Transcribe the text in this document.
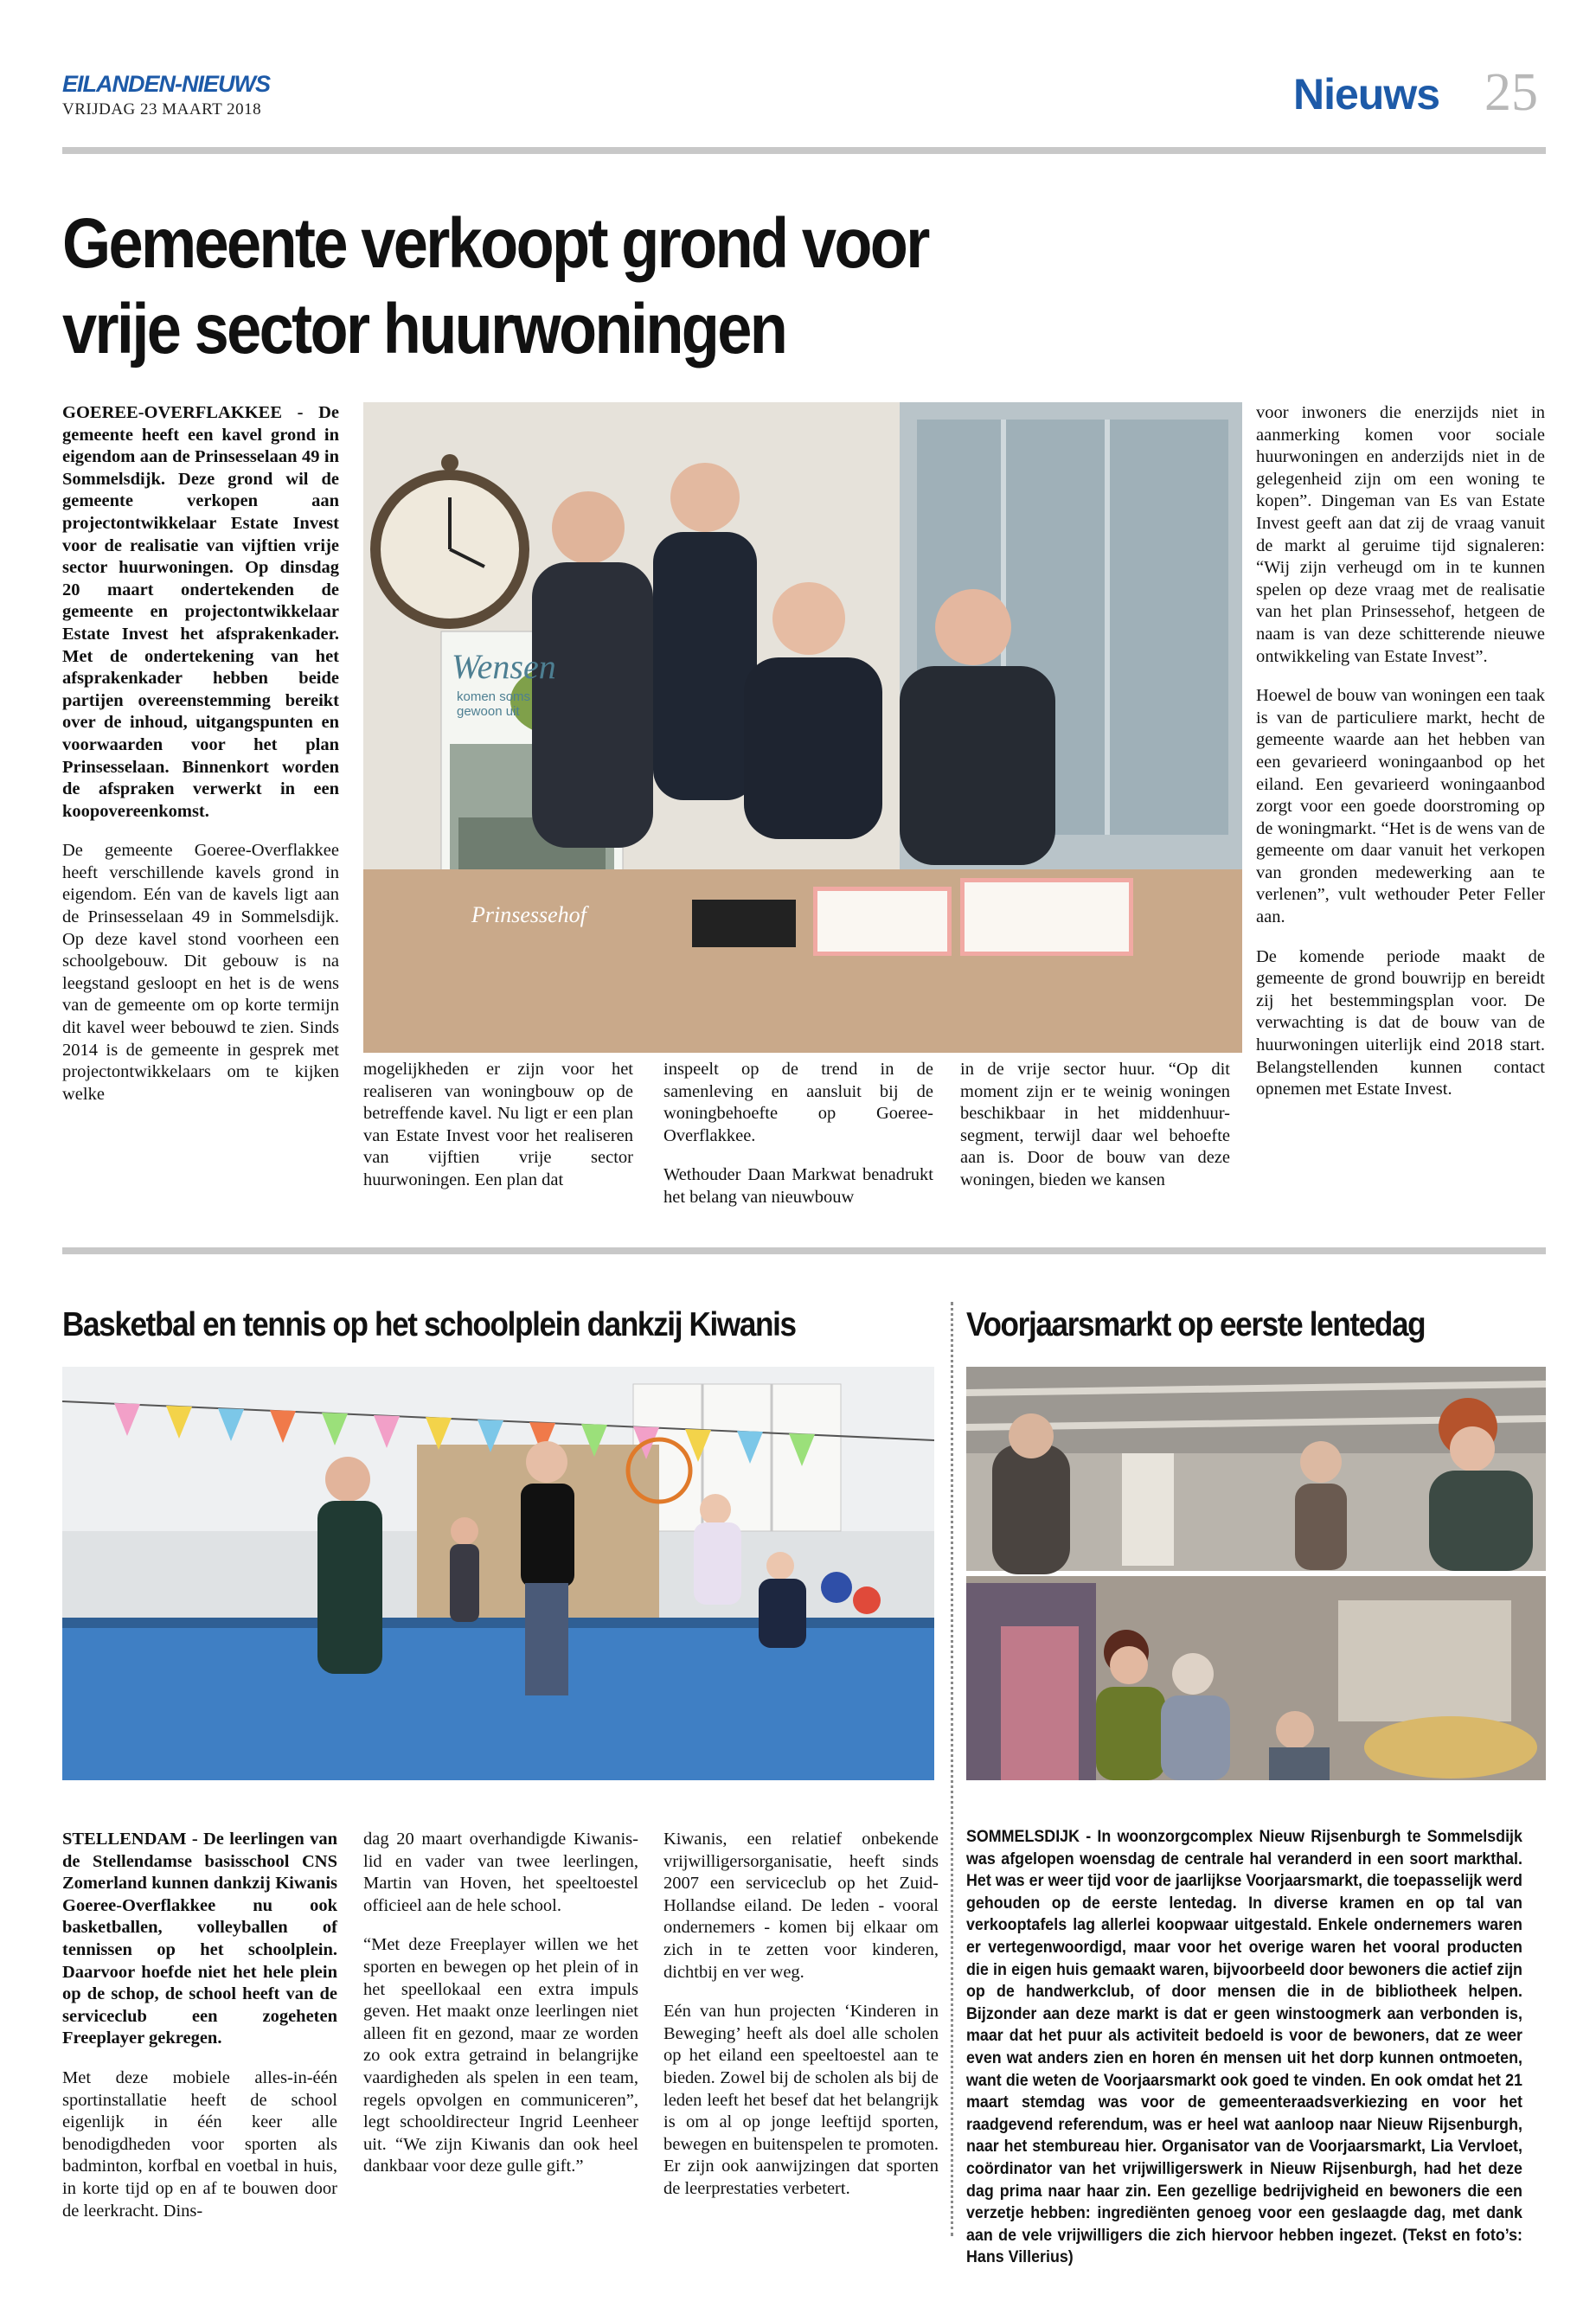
EILANDEN-NIEUWS
VRIJDAG 23 MAART 2018	Nieuws 25
Gemeente verkoopt grond voor
vrije sector huurwoningen

GOEREE-OVERFLAKKEE - De gemeente heeft een kavel grond in eigendom aan de Prinsesselaan 49 in Sommelsdijk. Deze grond wil de gemeente verkopen aan projectontwikkelaar Estate Invest voor de realisatie van vijftien vrije sector huurwoningen. Op dinsdag 20 maart ondertekenden de gemeente en projectontwikkelaar Estate Invest het afsprakenkader. Met de ondertekening van het afsprakenkader hebben beide partijen overeenstemming bereikt over de inhoud, uitgangspunten en voorwaarden voor het plan Prinsesselaan. Binnenkort worden de afspraken verwerkt in een koopovereenkomst.

De gemeente Goeree-Overflakkee heeft verschillende kavels grond in eigendom. Eén van de kavels ligt aan de Prinsesselaan 49 in Sommelsdijk. Op deze kavel stond voorheen een schoolgebouw. Dit gebouw is na leegstand gesloopt en het is de wens van de gemeente om op korte termijn dit kavel weer bebouwd te zien. Sinds 2014 is de gemeente in gesprek met projectontwikkelaars om te kijken welke

Wensen
komen soms gewoon uit
Prinsessehof
mogelijkheden er zijn voor het realiseren van woningbouw op de betreffende kavel. Nu ligt er een plan van Estate Invest voor het realiseren van vijftien vrije sector huurwoningen. Een plan dat

inspeelt op de trend in de samenleving en aansluit bij de woningbehoefte op Goeree-Overflakkee.

Wethouder Daan Markwat benadrukt het belang van nieuwbouw

in de vrije sector huur. “Op dit moment zijn er te weinig woningen beschikbaar in het middenhuur-segment, terwijl daar wel behoefte aan is. Door de bouw van deze woningen, bieden we kansen

voor inwoners die enerzijds niet in aanmerking komen voor sociale huurwoningen en anderzijds niet in de gelegenheid zijn om een woning te kopen”. Dingeman van Es van Estate Invest geeft aan dat zij de vraag vanuit de markt al geruime tijd signaleren: “Wij zijn verheugd om in te kunnen spelen op deze vraag met de realisatie van het plan Prinsessehof, hetgeen de naam is van deze schitterende nieuwe ontwikkeling van Estate Invest”.

Hoewel de bouw van woningen een taak is van de particuliere markt, hecht de gemeente waarde aan het hebben van een gevarieerd woningaanbod op het eiland. Een gevarieerd woningaanbod zorgt voor een goede doorstroming op de woningmarkt. “Het is de wens van de gemeente om daar vanuit het verkopen van gronden medewerking aan te verlenen”, vult wethouder Peter Feller aan.

De komende periode maakt de gemeente de grond bouwrijp en bereidt zij het bestemmingsplan voor. De verwachting is dat de bouw van de huurwoningen uiterlijk eind 2018 start. Belangstellenden kunnen contact opnemen met Estate Invest.

Basketbal en tennis op het schoolplein dankzij Kiwanis

STELLENDAM - De leerlingen van de Stellendamse basisschool CNS Zomerland kunnen dankzij Kiwanis Goeree-Overflakkee nu ook basketballen, volleyballen of tennissen op het schoolplein. Daarvoor hoefde niet het hele plein op de schop, de school heeft van de serviceclub een zogeheten Freeplayer gekregen.

Met deze mobiele alles-in-één sportinstallatie heeft de school eigenlijk in één keer alle benodigdheden voor sporten als badminton, korfbal en voetbal in huis, in korte tijd op en af te bouwen door de leerkracht. Dins-

dag 20 maart overhandigde Kiwanis-lid en vader van twee leerlingen, Martin van Hoven, het speeltoestel officieel aan de hele school.

“Met deze Freeplayer willen we het sporten en bewegen op het plein of in het speellokaal een extra impuls geven. Het maakt onze leerlingen niet alleen fit en gezond, maar ze worden zo ook extra getraind in belangrijke vaardigheden als spelen in een team, regels opvolgen en communiceren”, legt schooldirecteur Ingrid Leenheer uit. “We zijn Kiwanis dan ook heel dankbaar voor deze gulle gift.”

Kiwanis, een relatief onbekende vrijwilligersorganisatie, heeft sinds 2007 een serviceclub op het Zuid-Hollandse eiland. De leden - vooral ondernemers - komen bij elkaar om zich in te zetten voor kinderen, dichtbij en ver weg.

Eén van hun projecten ‘Kinderen in Beweging’ heeft als doel alle scholen op het eiland een speeltoestel aan te bieden. Zowel bij de scholen als bij de leden leeft het besef dat het belangrijk is om al op jonge leeftijd sporten, bewegen en buitenspelen te promoten. Er zijn ook aanwijzingen dat sporten de leerprestaties verbetert.

Voorjaarsmarkt op eerste lentedag
SOMMELSDIJK - In woonzorgcomplex Nieuw Rijsenburgh te Sommelsdijk was afgelopen woensdag de centrale hal veranderd in een soort markthal. Het was er weer tijd voor de jaarlijkse Voorjaarsmarkt, die toepasselijk werd gehouden op de eerste lentedag. In diverse kramen en op tal van verkooptafels lag allerlei koopwaar uitgestald. Enkele ondernemers waren er vertegenwoordigd, maar voor het overige waren het vooral producten die in eigen huis gemaakt waren, bijvoorbeeld door bewoners die actief zijn op de handwerkclub, of door mensen die in de bibliotheek helpen. Bijzonder aan deze markt is dat er geen winstoogmerk aan verbonden is, maar dat het puur als activiteit bedoeld is voor de bewoners, dat ze weer even wat anders zien en horen én mensen uit het dorp kunnen ontmoeten, want die weten de Voorjaarsmarkt ook goed te vinden. En ook omdat het 21 maart stemdag was voor de gemeenteraadsverkiezing en voor het raadgevend referendum, was er heel wat aanloop naar Nieuw Rijsenburgh, naar het stembureau hier. Organisator van de Voorjaarsmarkt, Lia Vervloet, coördinator van het vrijwilligerswerk in Nieuw Rijsenburgh, had het deze dag prima naar haar zin. Een gezellige bedrijvigheid en bewoners die een verzetje hebben: ingrediënten genoeg voor een geslaagde dag, met dank aan de vele vrijwilligers die zich hiervoor hebben ingezet. (Tekst en foto’s: Hans Villerius)
